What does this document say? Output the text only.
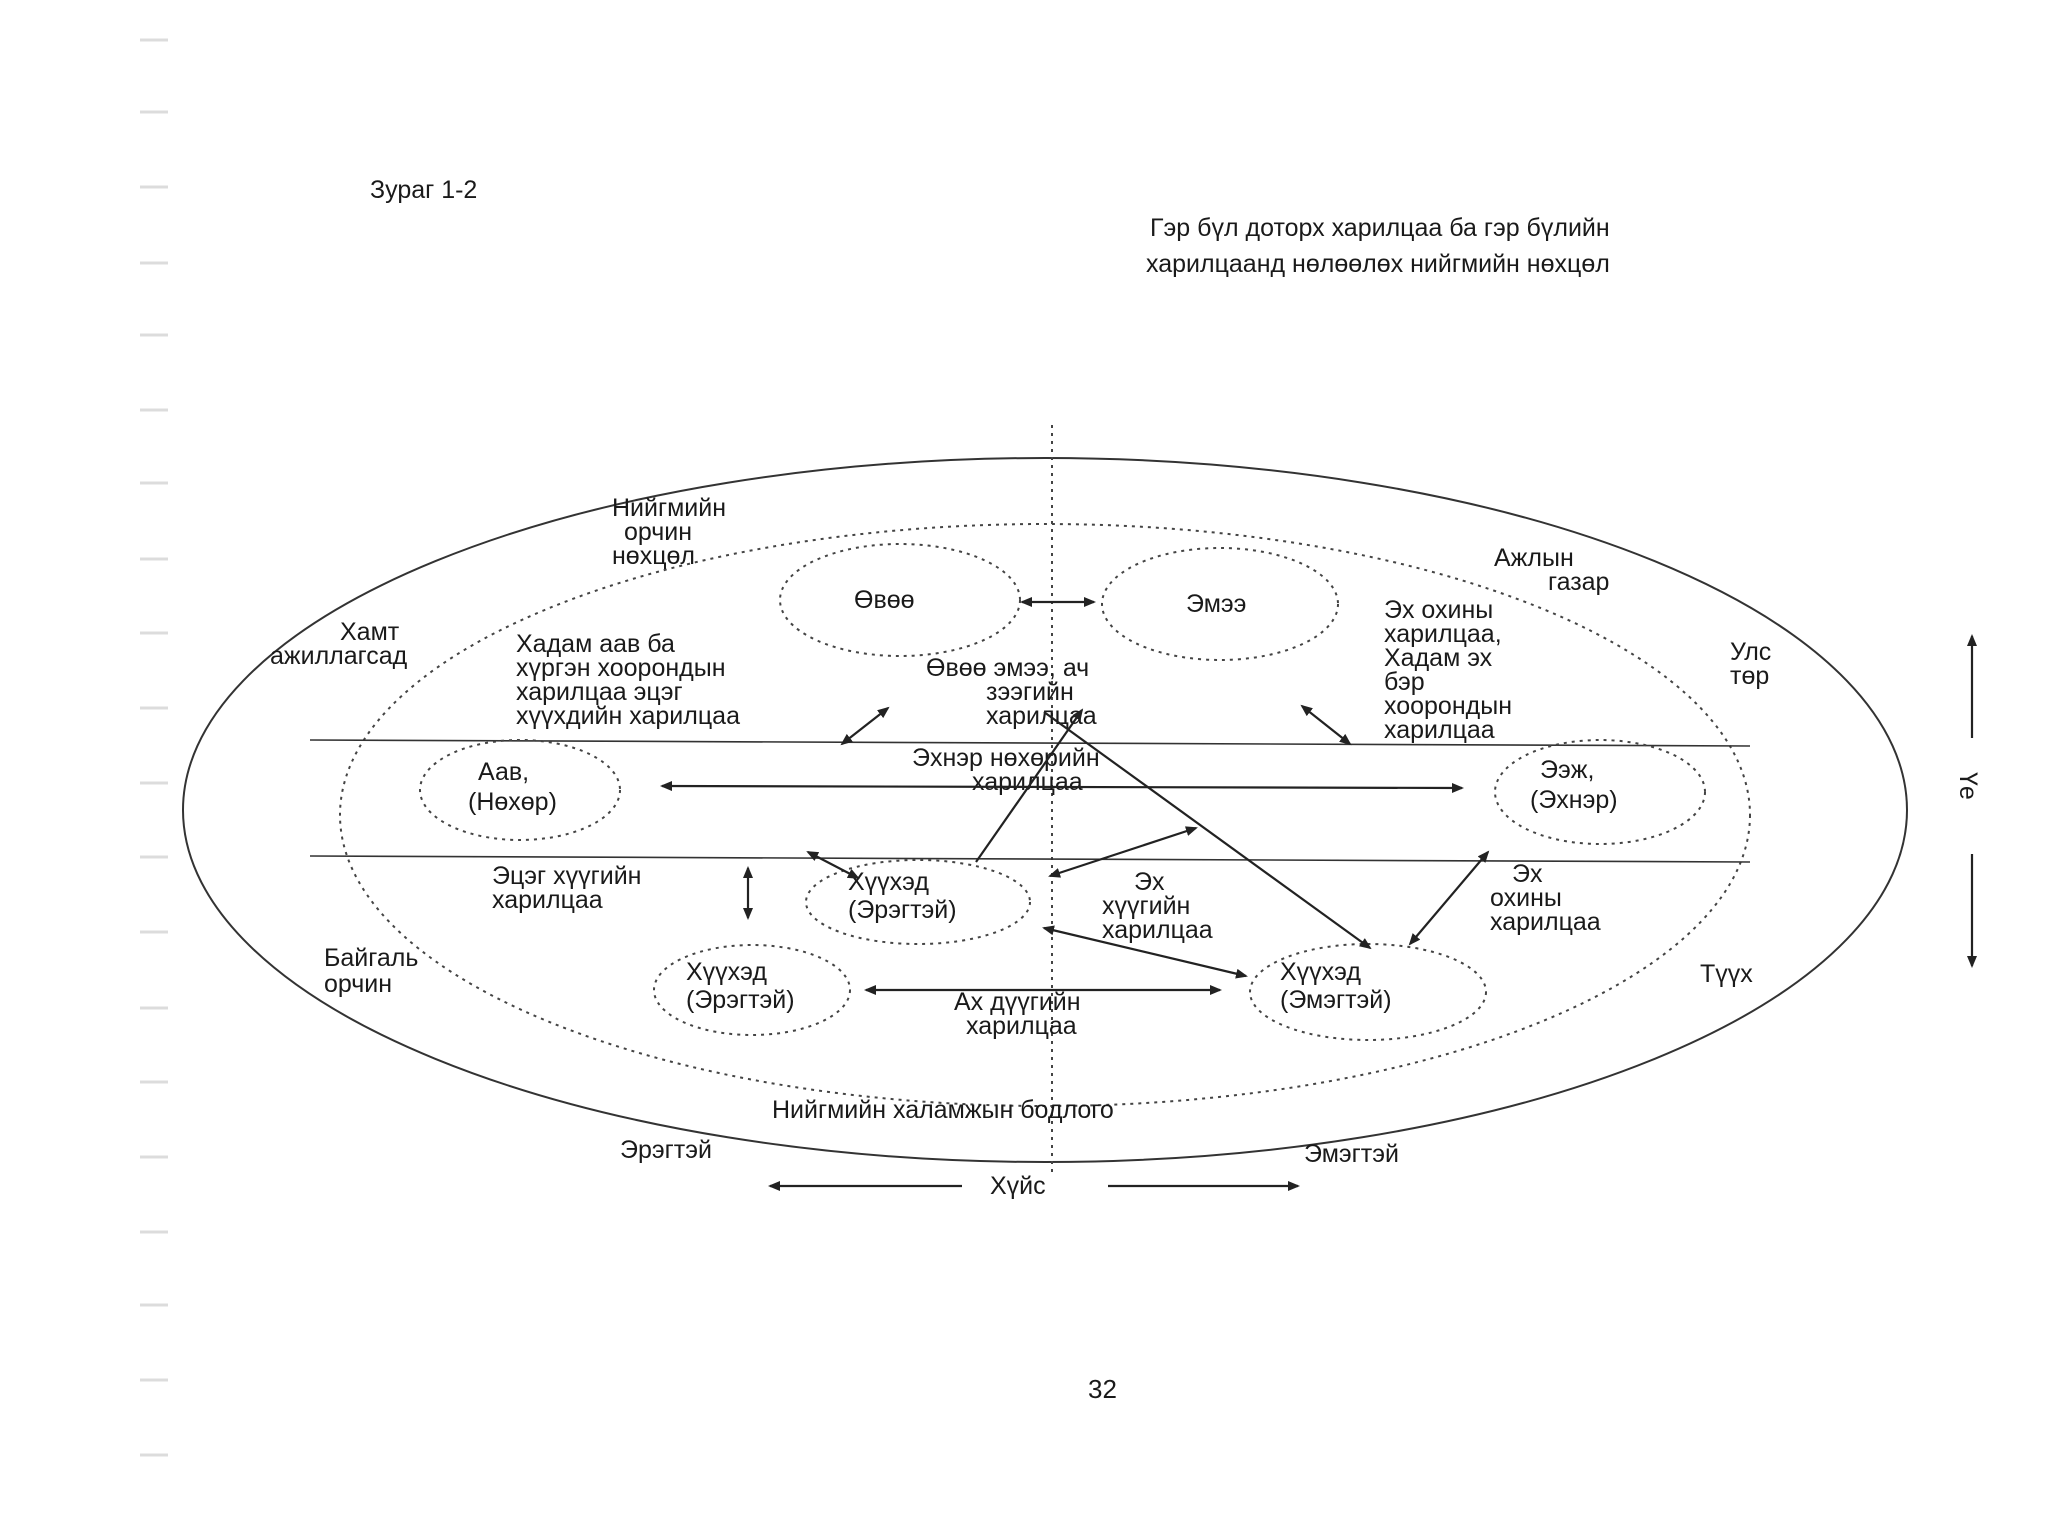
Зураг 1-2
Гэр бүл доторх харилцаа ба гэр бүлийн
харилцаанд нөлөөлөх нийгмийн нөхцөл
Өвөө	Эмээ
Аав,
(Нөхөр)
Ээж,
(Эхнэр)
Хүүхэд
(Эрэгтэй)
Хүүхэд
(Эрэгтэй)
Хүүхэд
(Эмэгтэй)
Нийгмийн
орчин
нөхцөл
Хамт
ажиллагсад
Ажлын
газар
Улс
төр
Байгаль
орчин	Түүх
Нийгмийн халамжын бодлого
Хадам аав ба
хүргэн хоорондын
харилцаа эцэг
хүүхдийн харилцаа
Өвөө эмээ, ач
зээгийн
харилцаа
Эх охины
харилцаа,
Хадам эх
бэр
хоорондын
харилцаа
Эхнэр нөхөрийн
харилцаа
Эцэг хүүгийн
харилцаа
Эх
хүүгийн
харилцаа
Эх
охины
харилцаа
Ах дүүгийн
харилцаа
Үе
Эрэгтэй	Эмэгтэй
Хүйс
32
